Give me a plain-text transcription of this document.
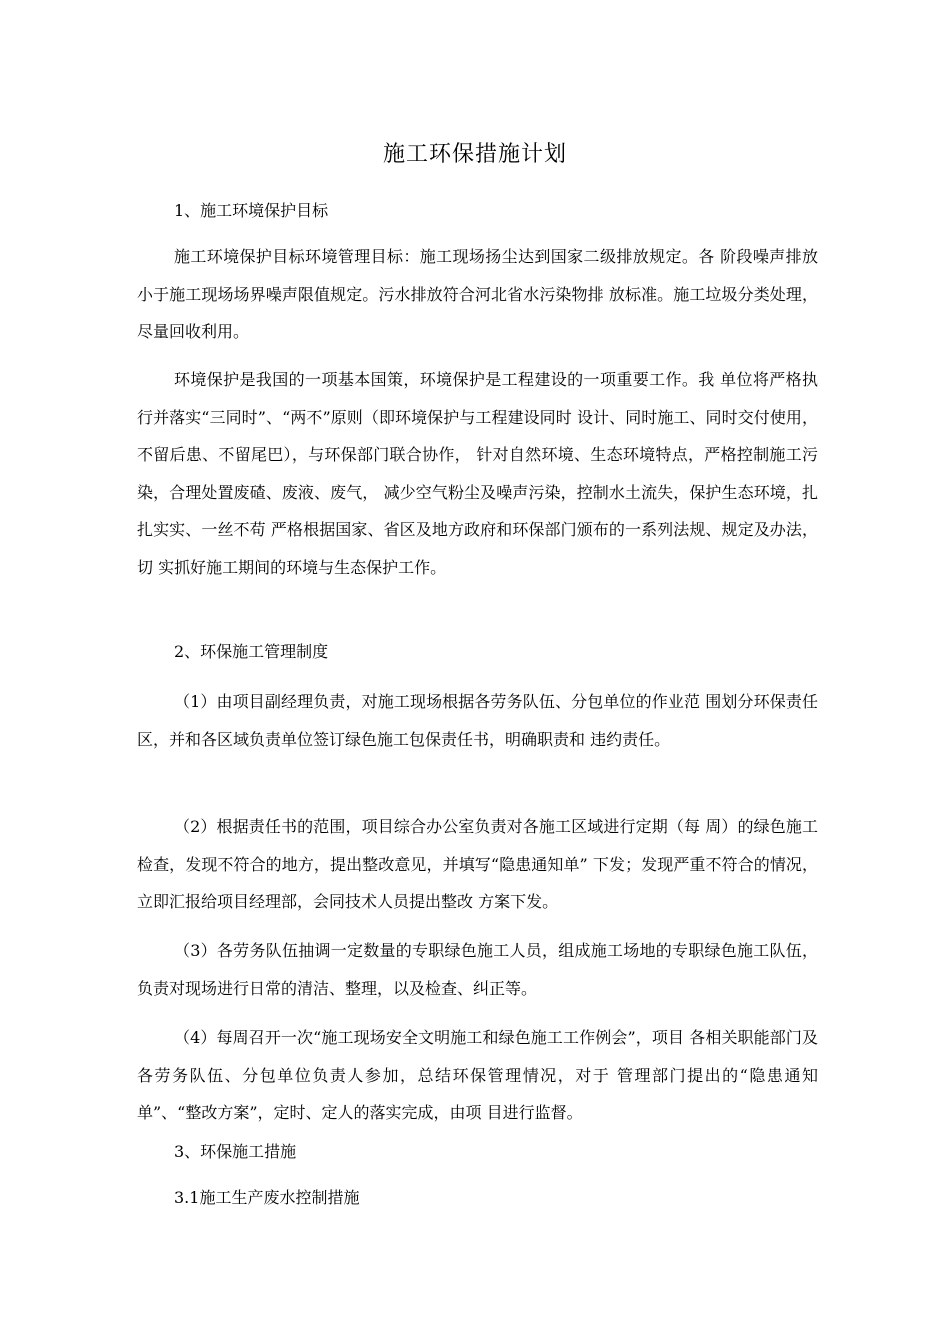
施工环保措施计划

1、施工环境保护目标

施工环境保护目标环境管理目标：施工现场扬尘达到国家二级排放规定。各 阶段噪声排放小于施工现场场界噪声限值规定。污水排放符合河北省水污染物排 放标准。施工垃圾分类处理，尽量回收利用。

环境保护是我国的一项基本国策，环境保护是工程建设的一项重要工作。我 单位将严格执行并落实“三同时”、“两不”原则（即环境保护与工程建设同时 设计、同时施工、同时交付使用，不留后患、不留尾巴），与环保部门联合协作， 针对自然环境、生态环境特点，严格控制施工污染，合理处置废碴、废液、废气， 减少空气粉尘及噪声污染，控制水土流失，保护生态环境，扎扎实实、一丝不苟 严格根据国家、省区及地方政府和环保部门颁布的一系列法规、规定及办法，切 实抓好施工期间的环境与生态保护工作。

2、环保施工管理制度

（1）由项目副经理负责，对施工现场根据各劳务队伍、分包单位的作业范 围划分环保责任区，并和各区域负责单位签订绿色施工包保责任书，明确职责和 违约责任。

（2）根据责任书的范围，项目综合办公室负责对各施工区域进行定期（每 周）的绿色施工检查，发现不符合的地方，提出整改意见，并填写“隐患通知单” 下发；发现严重不符合的情况，立即汇报给项目经理部，会同技术人员提出整改 方案下发。

（3）各劳务队伍抽调一定数量的专职绿色施工人员，组成施工场地的专职绿色施工队伍，负责对现场进行日常的清洁、整理，以及检查、纠正等。

（4）每周召开一次“施工现场安全文明施工和绿色施工工作例会”，项目 各相关职能部门及各劳务队伍、分包单位负责人参加，总结环保管理情况，对于 管理部门提出的“隐患通知单”、“整改方案”，定时、定人的落实完成，由项 目进行监督。

3、环保施工措施

3.1施工生产废水控制措施
